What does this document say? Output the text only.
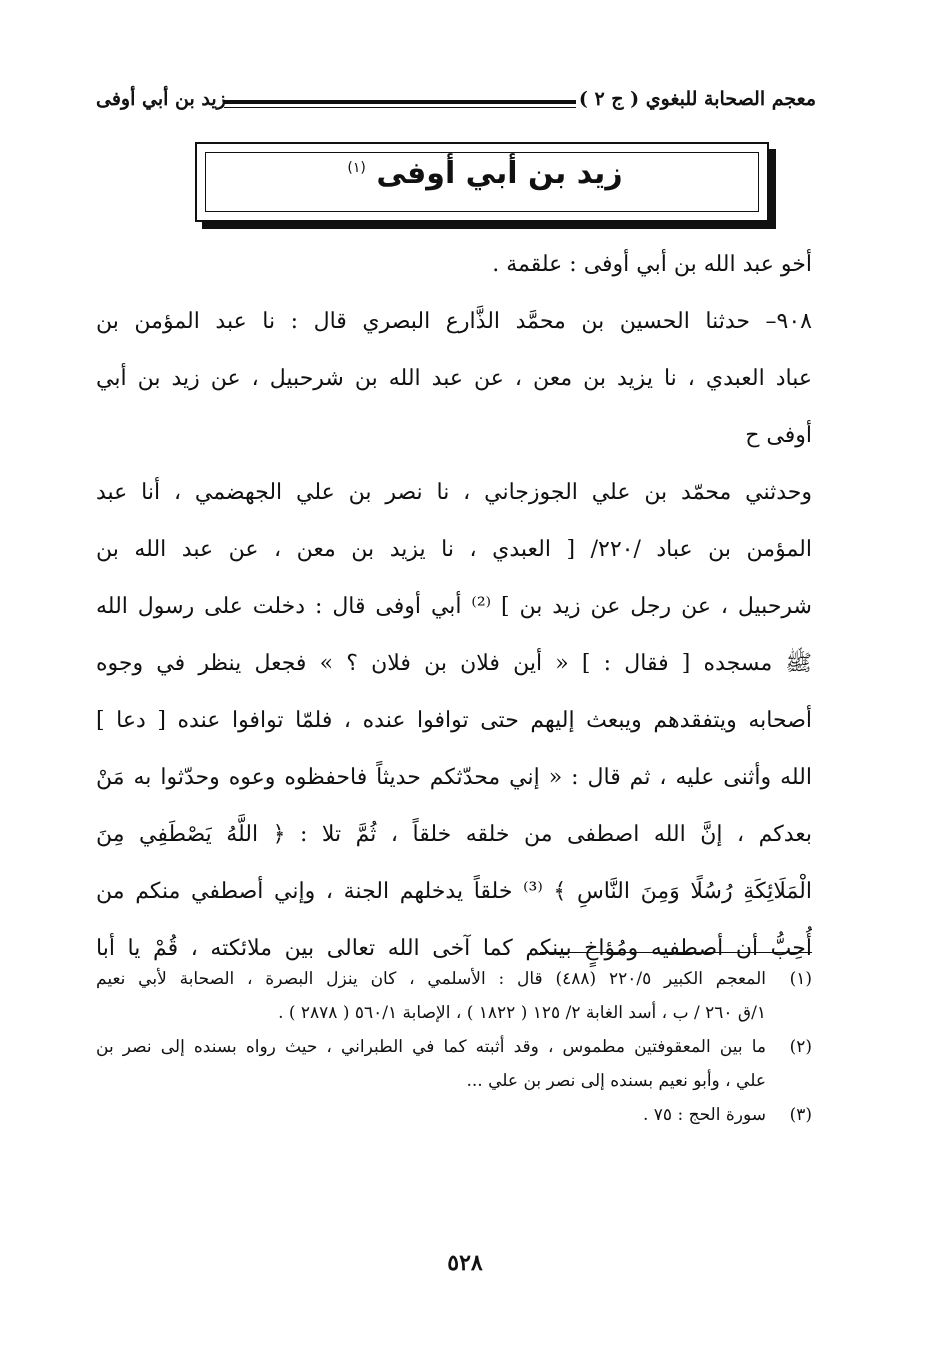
معجم الصحابة للبغوي ( ج ٢ )
زيد بن أبي أوفى
زيد بن أبي أوفى $^{(١)}$
أخو عبد الله بن أبي أوفى : علقمة .
٩٠٨– حدثنا الحسين بن محمَّد الذَّارع البصري قال : نا عبد المؤمن بن
عباد العبدي ، نا يزيد بن معن ، عن عبد الله بن شرحبيل ، عن زيد بن أبي
أوفى ح
وحدثني محمّد بن علي الجوزجاني ، نا نصر بن علي الجهضمي ، أنا عبد
المؤمن بن عباد /٢٢٠/ [ العبدي ، نا يزيد بن معن ، عن عبد الله بن
شرحبيل ، عن رجل عن زيد بن ] ⁽²⁾ أبي أوفى قال : دخلت على رسول الله
ﷺ مسجده [ فقال : ] « أين فلان بن فلان ؟ » فجعل ينظر في وجوه
أصحابه ويتفقدهم ويبعث إليهم حتى توافوا عنده ، فلمّا توافوا عنده [ دعا ]
الله وأثنى عليه ، ثم قال : « إني محدّثكم حديثاً فاحفظوه وعوه وحدّثوا به مَنْ
بعدكم ، إنَّ الله اصطفى من خلقه خلقاً ، ثُمَّ تلا : ﴿ اللَّهُ يَصْطَفِي مِنَ
الْمَلَائِكَةِ رُسُلًا وَمِنَ النَّاسِ ﴾ ⁽³⁾ خلقاً يدخلهم الجنة ، وإني أصطفي منكم من
أُحِبُّ أن أصطفيه ومُؤاخٍ بينكم كما آخى الله تعالى بين ملائكته ، قُمْ يا أبا
(١)
المعجم الكبير ٢٢٠/٥ (٤٨٨) قال : الأسلمي ، كان ينزل البصرة ، الصحابة لأبي نعيم
١/ق ٢٦٠ / ب ، أسد الغابة ٢/ ١٢٥ ( ١٨٢٢ ) ، الإصابة ٥٦٠/١ ( ٢٨٧٨ ) .
(٢)
ما بين المعقوفتين مطموس ، وقد أثبته كما في الطبراني ، حيث رواه بسنده إلى نصر بن
علي ، وأبو نعيم بسنده إلى نصر بن علي ...
(٣)
سورة الحج : ٧٥ .
٥٢٨
